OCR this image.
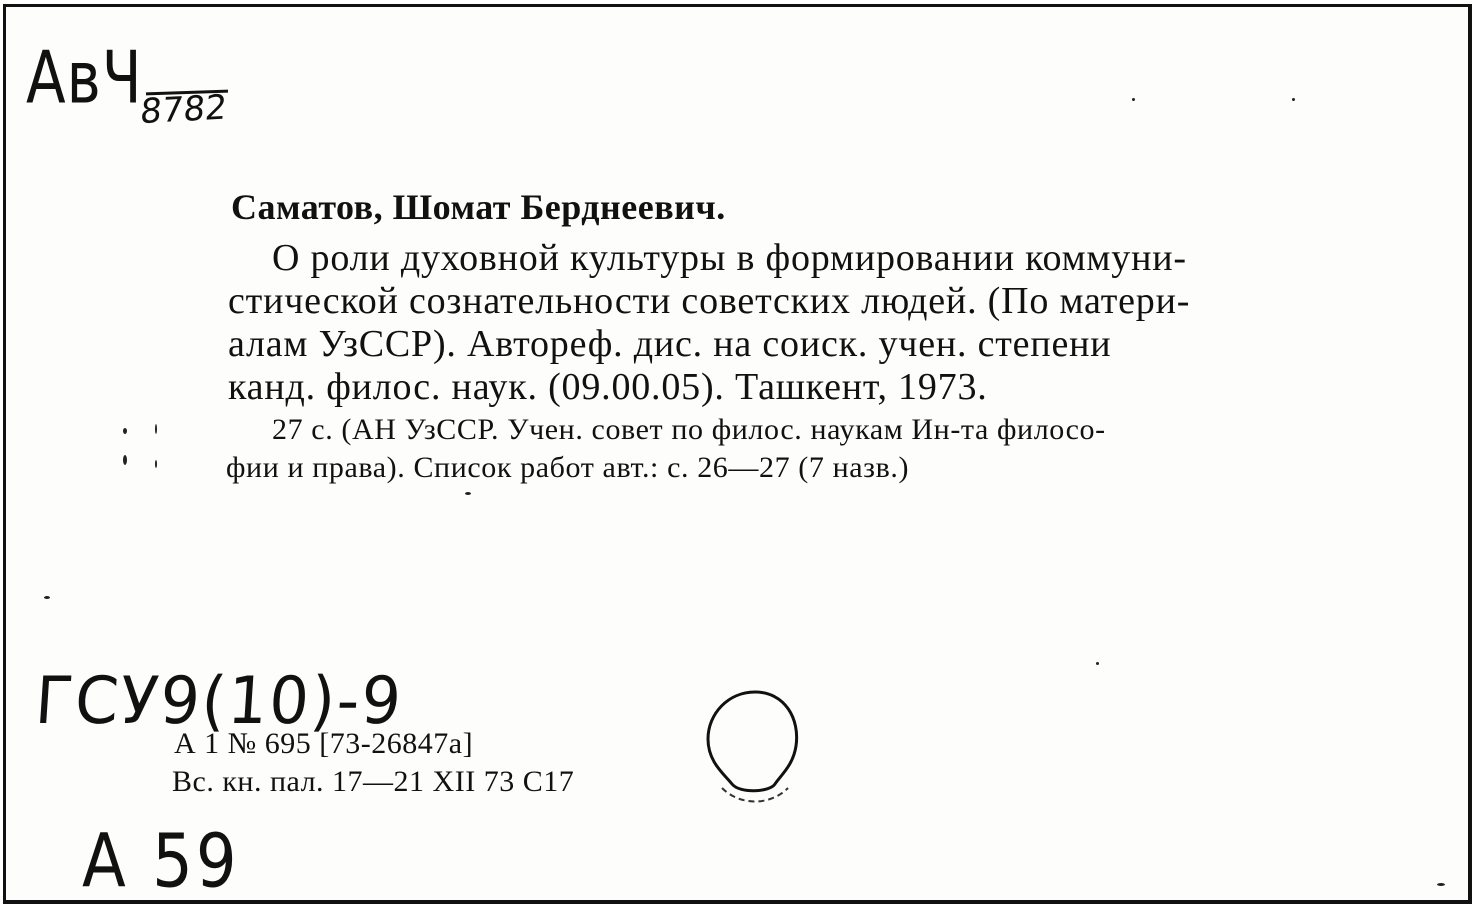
АвЧ
8782
Саматов, Шомат Берднеевич.
О роли духовной культуры в формировании коммуни-
стической сознательности советских людей. (По матери-
алам УзССР). Автореф. дис. на соиск. учен. степени
канд. филос. наук. (09.00.05). Ташкент, 1973.
27 с. (АН УзССР. Учен. совет по филос. наукам Ин-та филосо-
фии и права). Список работ авт.: с. 26—27 (7 назв.)
ГСУ9(10)-9
А 1 № 695 [73-26847а]
Вс. кн. пал. 17—21 XII 73 С17
А 59
